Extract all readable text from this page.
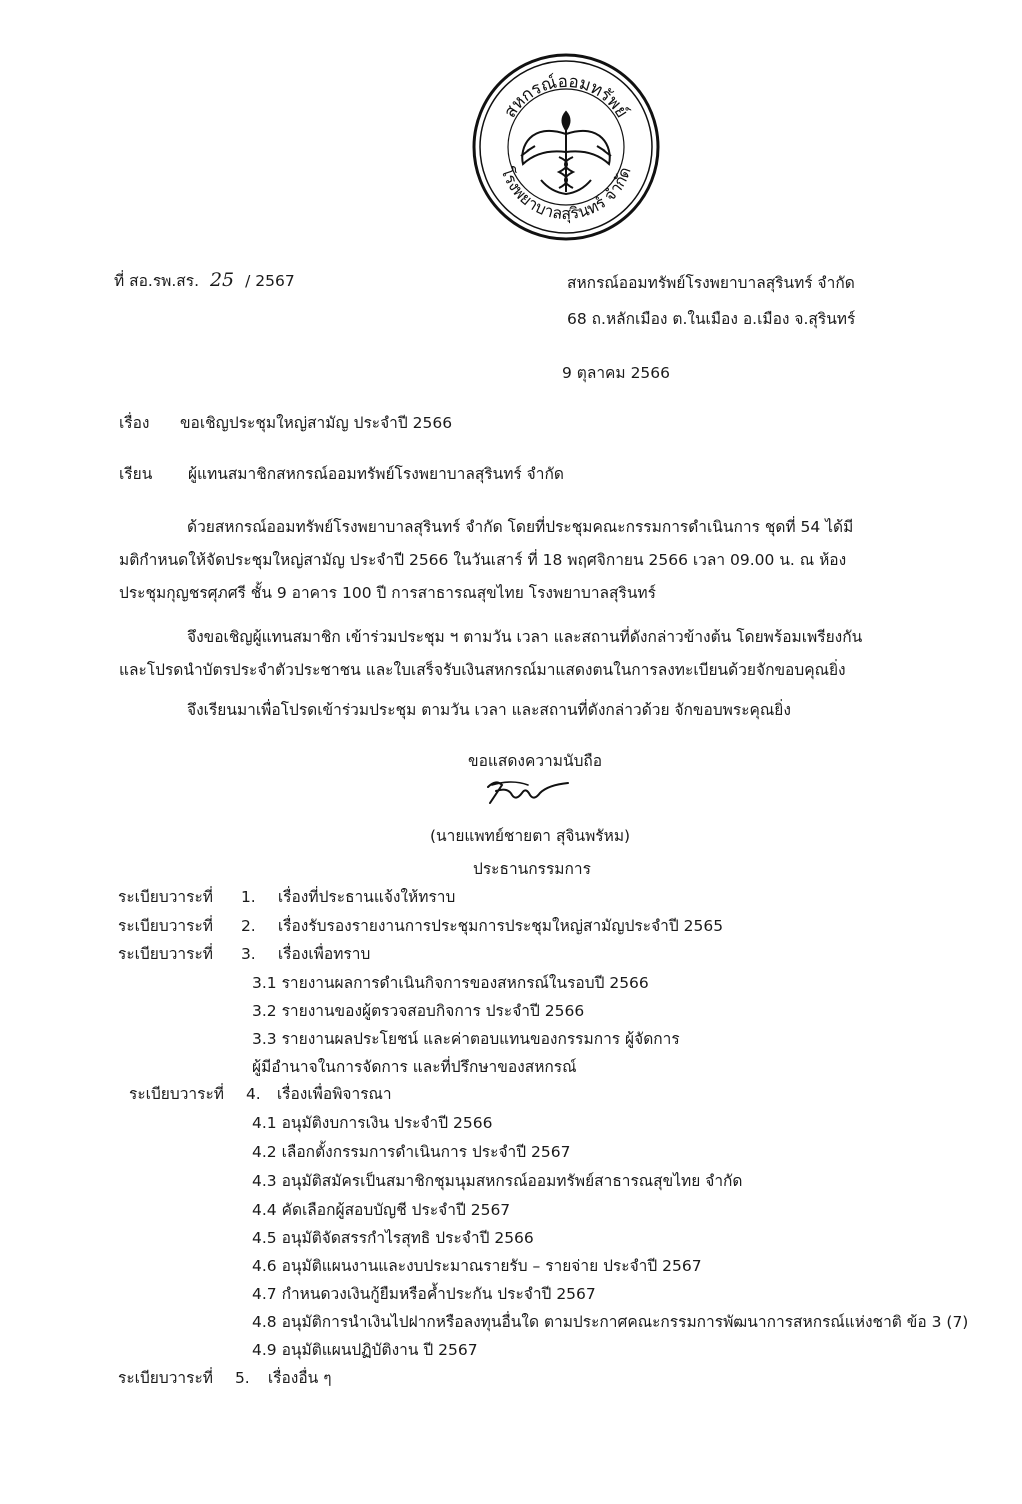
สหกรณ์ออมทรัพย์
โรงพยาบาลสุรินทร์ จำกัด
ที่ สอ.รพ.สร. 25 / 2567	สหกรณ์ออมทรัพย์โรงพยาบาลสุรินทร์ จำกัด
68 ถ.หลักเมือง ต.ในเมือง อ.เมือง จ.สุรินทร์
9 ตุลาคม 2566
เรื่อง ขอเชิญประชุมใหญ่สามัญ ประจำปี 2566
เรียน ผู้แทนสมาชิกสหกรณ์ออมทรัพย์โรงพยาบาลสุรินทร์ จำกัด
ด้วยสหกรณ์ออมทรัพย์โรงพยาบาลสุรินทร์ จำกัด โดยที่ประชุมคณะกรรมการดำเนินการ ชุดที่ 54 ได้มี
มติกำหนดให้จัดประชุมใหญ่สามัญ ประจำปี 2566 ในวันเสาร์ ที่ 18 พฤศจิกายน 2566 เวลา 09.00 น. ณ ห้อง
ประชุมกุญชรศุภศรี ชั้น 9 อาคาร 100 ปี การสาธารณสุขไทย โรงพยาบาลสุรินทร์
จึงขอเชิญผู้แทนสมาชิก เข้าร่วมประชุม ฯ ตามวัน เวลา และสถานที่ดังกล่าวข้างต้น โดยพร้อมเพรียงกัน
และโปรดนำบัตรประจำตัวประชาชน และใบเสร็จรับเงินสหกรณ์มาแสดงตนในการลงทะเบียนด้วยจักขอบคุณยิ่ง
จึงเรียนมาเพื่อโปรดเข้าร่วมประชุม ตามวัน เวลา และสถานที่ดังกล่าวด้วย จักขอบพระคุณยิ่ง
ขอแสดงความนับถือ
(นายแพทย์ชายตา สุจินพรัหม)
ประธานกรรมการ
ระเบียบวาระที่ 1. เรื่องที่ประธานแจ้งให้ทราบ
ระเบียบวาระที่ 2. เรื่องรับรองรายงานการประชุมการประชุมใหญ่สามัญประจำปี 2565
ระเบียบวาระที่ 3. เรื่องเพื่อทราบ
3.1 รายงานผลการดำเนินกิจการของสหกรณ์ในรอบปี 2566
3.2 รายงานของผู้ตรวจสอบกิจการ ประจำปี 2566
3.3 รายงานผลประโยชน์ และค่าตอบแทนของกรรมการ ผู้จัดการ
ผู้มีอำนาจในการจัดการ และที่ปรึกษาของสหกรณ์
ระเบียบวาระที่ 4. เรื่องเพื่อพิจารณา
4.1 อนุมัติงบการเงิน ประจำปี 2566
4.2 เลือกตั้งกรรมการดำเนินการ ประจำปี 2567
4.3 อนุมัติสมัครเป็นสมาชิกชุมนุมสหกรณ์ออมทรัพย์สาธารณสุขไทย จำกัด
4.4 คัดเลือกผู้สอบบัญชี ประจำปี 2567
4.5 อนุมัติจัดสรรกำไรสุทธิ ประจำปี 2566
4.6 อนุมัติแผนงานและงบประมาณรายรับ – รายจ่าย ประจำปี 2567
4.7 กำหนดวงเงินกู้ยืมหรือค้ำประกัน ประจำปี 2567
4.8 อนุมัติการนำเงินไปฝากหรือลงทุนอื่นใด ตามประกาศคณะกรรมการพัฒนาการสหกรณ์แห่งชาติ ข้อ 3 (7)
4.9 อนุมัติแผนปฏิบัติงาน ปี 2567
ระเบียบวาระที่ 5. เรื่องอื่น ๆ
